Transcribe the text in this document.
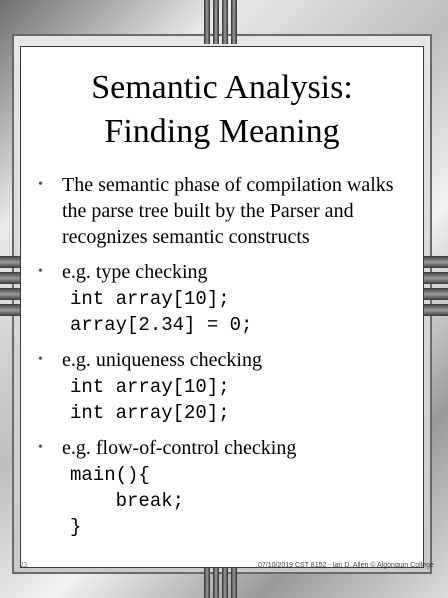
Semantic Analysis:
Finding Meaning
• The semantic phase of compilation walks the parse tree built by the Parser and recognizes semantic constructs
• e.g. type checking
int array[10];
array[2.34] = 0;
• e.g. uniqueness checking
int array[10];
int array[20];
• e.g. flow-of-control checking
main(){
break;
}
23	07/10/2019 CST 8152 - Ian D. Allen © Algonquin College
